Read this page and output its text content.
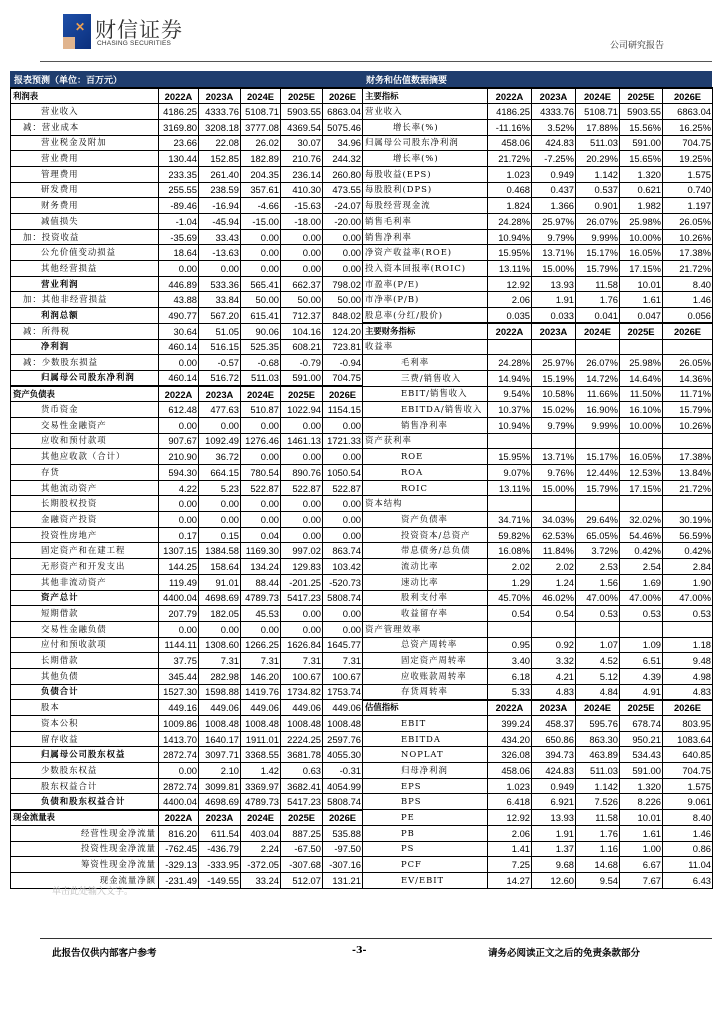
✕ 财信证券
CHASING SECURITIES	公司研究报告
报表预测（单位：百万元）	财务和估值数据摘要
利润表	2022A	2023A	2024E	2025E	2026E
营业收入	4186.25	4333.76	5108.71	5903.55	6863.04
减：营业成本	3169.80	3208.18	3777.08	4369.54	5075.46
营业税金及附加	23.66	22.08	26.02	30.07	34.96
营业费用	130.44	152.85	182.89	210.76	244.32
管理费用	233.35	261.40	204.35	236.14	260.80
研发费用	255.55	238.59	357.61	410.30	473.55
财务费用	-89.46	-16.94	-4.66	-15.63	-24.07
减值损失	-1.04	-45.94	-15.00	-18.00	-20.00
加：投资收益	-35.69	33.43	0.00	0.00	0.00
公允价值变动损益	18.64	-13.63	0.00	0.00	0.00
其他经营损益	0.00	0.00	0.00	0.00	0.00
营业利润	446.89	533.36	565.41	662.37	798.02
加：其他非经营损益	43.88	33.84	50.00	50.00	50.00
利润总额	490.77	567.20	615.41	712.37	848.02
减：所得税	30.64	51.05	90.06	104.16	124.20
净利润	460.14	516.15	525.35	608.21	723.81
减：少数股东损益	0.00	-0.57	-0.68	-0.79	-0.94
归属母公司股东净利润	460.14	516.72	511.03	591.00	704.75
资产负债表	2022A	2023A	2024E	2025E	2026E
货币资金	612.48	477.63	510.87	1022.94	1154.15
交易性金融资产	0.00	0.00	0.00	0.00	0.00
应收和预付款项	907.67	1092.49	1276.46	1461.13	1721.33
其他应收款（合计）	210.90	36.72	0.00	0.00	0.00
存货	594.30	664.15	780.54	890.76	1050.54
其他流动资产	4.22	5.23	522.87	522.87	522.87
长期股权投资	0.00	0.00	0.00	0.00	0.00
金融资产投资	0.00	0.00	0.00	0.00	0.00
投资性房地产	0.17	0.15	0.04	0.00	0.00
固定资产和在建工程	1307.15	1384.58	1169.30	997.02	863.74
无形资产和开发支出	144.25	158.64	134.24	129.83	103.42
其他非流动资产	119.49	91.01	88.44	-201.25	-520.73
资产总计	4400.04	4698.69	4789.73	5417.23	5808.74
短期借款	207.79	182.05	45.53	0.00	0.00
交易性金融负债	0.00	0.00	0.00	0.00	0.00
应付和预收款项	1144.11	1308.60	1266.25	1626.84	1645.77
长期借款	37.75	7.31	7.31	7.31	7.31
其他负债	345.44	282.98	146.20	100.67	100.67
负债合计	1527.30	1598.88	1419.76	1734.82	1753.74
股本	449.16	449.06	449.06	449.06	449.06
资本公积	1009.86	1008.48	1008.48	1008.48	1008.48
留存收益	1413.70	1640.17	1911.01	2224.25	2597.76
归属母公司股东权益	2872.74	3097.71	3368.55	3681.78	4055.30
少数股东权益	0.00	2.10	1.42	0.63	-0.31
股东权益合计	2872.74	3099.81	3369.97	3682.41	4054.99
负债和股东权益合计	4400.04	4698.69	4789.73	5417.23	5808.74
现金流量表	2022A	2023A	2024E	2025E	2026E
经营性现金净流量	816.20	611.54	403.04	887.25	535.88
投资性现金净流量	-762.45	-436.79	2.24	-67.50	-97.50
筹资性现金净流量	-329.13	-333.95	-372.05	-307.68	-307.16
现金流量净额	-231.49	-149.55	33.24	512.07	131.21
主要指标	2022A	2023A	2024E	2025E	2026E
营业收入	4186.25	4333.76	5108.71	5903.55	6863.04
增长率(%)	-11.16%	3.52%	17.88%	15.56%	16.25%
归属母公司股东净利润	458.06	424.83	511.03	591.00	704.75
增长率(%)	21.72%	-7.25%	20.29%	15.65%	19.25%
每股收益(EPS)	1.023	0.949	1.142	1.320	1.575
每股股利(DPS)	0.468	0.437	0.537	0.621	0.740
每股经营现金流	1.824	1.366	0.901	1.982	1.197
销售毛利率	24.28%	25.97%	26.07%	25.98%	26.05%
销售净利率	10.94%	9.79%	9.99%	10.00%	10.26%
净资产收益率(ROE)	15.95%	13.71%	15.17%	16.05%	17.38%
投入资本回报率(ROIC)	13.11%	15.00%	15.79%	17.15%	21.72%
市盈率(P/E)	12.92	13.93	11.58	10.01	8.40
市净率(P/B)	2.06	1.91	1.76	1.61	1.46
股息率(分红/股价)	0.035	0.033	0.041	0.047	0.056
主要财务指标	2022A	2023A	2024E	2025E	2026E
收益率					
毛利率	24.28%	25.97%	26.07%	25.98%	26.05%
三费/销售收入	14.94%	15.19%	14.72%	14.64%	14.36%
EBIT/销售收入	9.54%	10.58%	11.66%	11.50%	11.71%
EBITDA/销售收入	10.37%	15.02%	16.90%	16.10%	15.79%
销售净利率	10.94%	9.79%	9.99%	10.00%	10.26%
资产获利率					
ROE	15.95%	13.71%	15.17%	16.05%	17.38%
ROA	9.07%	9.76%	12.44%	12.53%	13.84%
ROIC	13.11%	15.00%	15.79%	17.15%	21.72%
资本结构					
资产负债率	34.71%	34.03%	29.64%	32.02%	30.19%
投资资本/总资产	59.82%	62.53%	65.05%	54.46%	56.59%
带息债务/总负债	16.08%	11.84%	3.72%	0.42%	0.42%
流动比率	2.02	2.02	2.53	2.54	2.84
速动比率	1.29	1.24	1.56	1.69	1.90
股利支付率	45.70%	46.02%	47.00%	47.00%	47.00%
收益留存率	0.54	0.54	0.53	0.53	0.53
资产管理效率					
总资产周转率	0.95	0.92	1.07	1.09	1.18
固定资产周转率	3.40	3.32	4.52	6.51	9.48
应收账款周转率	6.18	4.21	5.12	4.39	4.98
存货周转率	5.33	4.83	4.84	4.91	4.83
估值指标	2022A	2023A	2024E	2025E	2026E
EBIT	399.24	458.37	595.76	678.74	803.95
EBITDA	434.20	650.86	863.30	950.21	1083.64
NOPLAT	326.08	394.73	463.89	534.43	640.85
归母净利润	458.06	424.83	511.03	591.00	704.75
EPS	1.023	0.949	1.142	1.320	1.575
BPS	6.418	6.921	7.526	8.226	9.061
PE	12.92	13.93	11.58	10.01	8.40
PB	2.06	1.91	1.76	1.61	1.46
PS	1.41	1.37	1.16	1.00	0.86
PCF	7.25	9.68	14.68	6.67	11.04
EV/EBIT	14.27	12.60	9.54	7.67	6.43
单击此处输入文字。
此报告仅供内部客户参考	-3-	请务必阅读正文之后的免责条款部分
